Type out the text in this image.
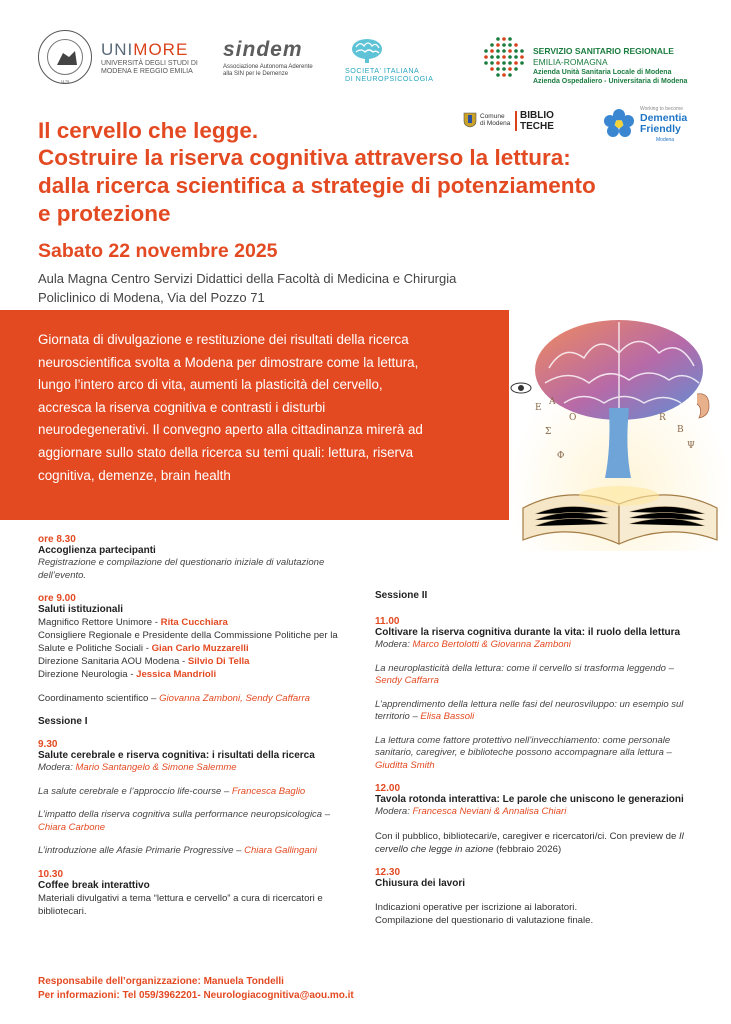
1175
UNIMORE
UNIVERSITÀ DEGLI STUDI DI MODENA E REGGIO EMILIA
sindem
Associazione Autonoma Aderente
alla SIN per le Demenze	SOCIETA' ITALIANA
DI NEUROPSICOLOGIA
SERVIZIO SANITARIO REGIONALE
EMILIA-ROMAGNA
Azienda Unità Sanitaria Locale di Modena
Azienda Ospedaliero - Universitaria di Modena
Comune
di Modena
BIBLIO
TECHE
Working to become
Dementia
Friendly
Modena
Il cervello che legge.
Costruire la riserva cognitiva attraverso la lettura: dalla ricerca scientifica a strategie di potenziamento e protezione
Sabato 22 novembre 2025
Aula Magna Centro Servizi Didattici della Facoltà di Medicina e Chirurgia
Policlinico di Modena, Via del Pozzo 71
Giornata di divulgazione e restituzione dei risultati della ricerca neuroscientifica svolta a Modena per dimostrare come la lettura, lungo l’intero arco di vita, aumenti la plasticità del cervello, accresca la riserva cognitiva e contrasti i disturbi neurodegenerativi. Il convegno aperto alla cittadinanza mirerà ad aggiornare sullo stato della ricerca su temi quali: lettura, riserva cognitiva, demenze, brain health
E
A
O	R
B
Σ
Ψ
Φ
ore 8.30
Accoglienza partecipanti
Registrazione e compilazione del questionario iniziale di valutazione dell’evento.
ore 9.00
Saluti istituzionali
Magnifico Rettore Unimore - Rita Cucchiara
Consigliere Regionale e Presidente della Commissione Politiche per la Salute e Politiche Sociali - Gian Carlo Muzzarelli
Direzione Sanitaria AOU Modena - Silvio Di Tella
Direzione Neurologia - Jessica Mandrioli
Coordinamento scientifico – Giovanna Zamboni, Sendy Caffarra
Sessione I
9.30
Salute cerebrale e riserva cognitiva: i risultati della ricerca
Modera: Mario Santangelo & Simone Salemme
La salute cerebrale e l’approccio life-course – Francesca Baglio
L’impatto della riserva cognitiva sulla performance neuropsicologica – Chiara Carbone
L’introduzione alle Afasie Primarie Progressive – Chiara Gallingani
10.30
Coffee break interattivo
Materiali divulgativi a tema “lettura e cervello” a cura di ricercatori e bibliotecari.
Sessione II
11.00
Coltivare la riserva cognitiva durante la vita: il ruolo della lettura
Modera: Marco Bertolotti & Giovanna Zamboni
La neuroplasticità della lettura: come il cervello si trasforma leggendo – Sendy Caffarra
L’apprendimento della lettura nelle fasi del neurosviluppo: un esempio sul territorio – Elisa Bassoli
La lettura come fattore protettivo nell’invecchiamento: come personale sanitario, caregiver, e biblioteche possono accompagnare alla lettura – Giuditta Smith
12.00
Tavola rotonda interattiva: Le parole che uniscono le generazioni
Modera: Francesca Neviani & Annalisa Chiari
Con il pubblico, bibliotecari/e, caregiver e ricercatori/ci. Con preview de Il cervello che legge in azione (febbraio 2026)
12.30
Chiusura dei lavori
Indicazioni operative per iscrizione ai laboratori.
Compilazione del questionario di valutazione finale.
Responsabile dell’organizzazione: Manuela Tondelli
Per informazioni: Tel 059/3962201- Neurologiacognitiva@aou.mo.it
